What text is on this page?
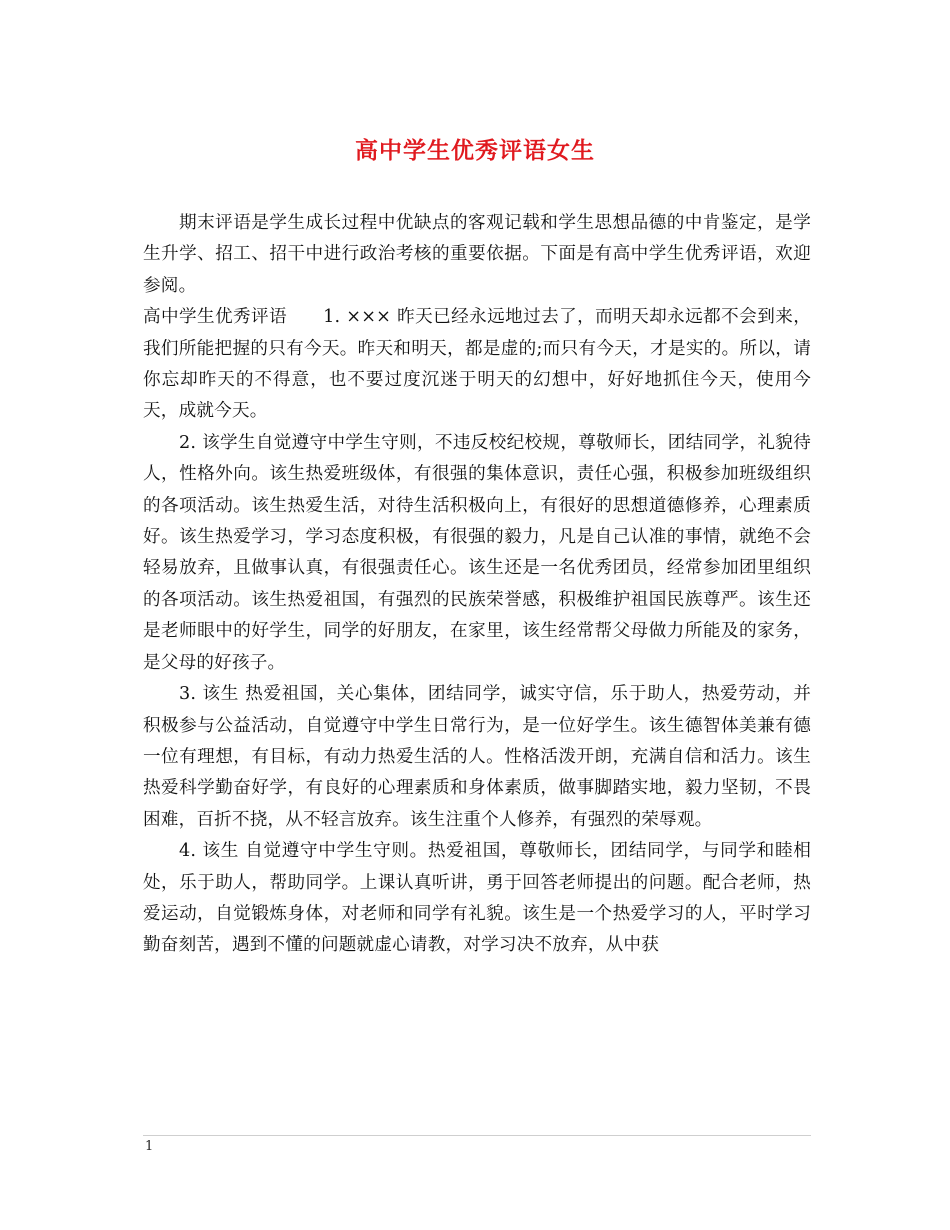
高中学生优秀评语女生

期末评语是学生成长过程中优缺点的客观记载和学生思想品德的中肯鉴定，是学生升学、招工、招干中进行政治考核的重要依据。下面是有高中学生优秀评语，欢迎参阅。

高中学生优秀评语 1. ××× 昨天已经永远地过去了，而明天却永远都不会到来，我们所能把握的只有今天。昨天和明天，都是虚的;而只有今天，才是实的。所以，请你忘却昨天的不得意，也不要过度沉迷于明天的幻想中，好好地抓住今天，使用今天，成就今天。

2. 该学生自觉遵守中学生守则，不违反校纪校规，尊敬师长，团结同学，礼貌待人，性格外向。该生热爱班级体，有很强的集体意识，责任心强，积极参加班级组织的各项活动。该生热爱生活，对待生活积极向上，有很好的思想道德修养，心理素质好。该生热爱学习，学习态度积极，有很强的毅力，凡是自己认准的事情，就绝不会轻易放弃，且做事认真，有很强责任心。该生还是一名优秀团员，经常参加团里组织的各项活动。该生热爱祖国，有强烈的民族荣誉感，积极维护祖国民族尊严。该生还是老师眼中的好学生，同学的好朋友，在家里，该生经常帮父母做力所能及的家务，是父母的好孩子。

3. 该生 热爱祖国，关心集体，团结同学，诚实守信，乐于助人，热爱劳动，并积极参与公益活动，自觉遵守中学生日常行为，是一位好学生。该生德智体美兼有德一位有理想，有目标，有动力热爱生活的人。性格活泼开朗，充满自信和活力。该生热爱科学勤奋好学，有良好的心理素质和身体素质，做事脚踏实地，毅力坚韧，不畏困难，百折不挠，从不轻言放弃。该生注重个人修养，有强烈的荣辱观。

4. 该生 自觉遵守中学生守则。热爱祖国，尊敬师长，团结同学，与同学和睦相处，乐于助人，帮助同学。上课认真听讲，勇于回答老师提出的问题。配合老师，热爱运动，自觉锻炼身体，对老师和同学有礼貌。该生是一个热爱学习的人，平时学习勤奋刻苦，遇到不懂的问题就虚心请教，对学习决不放弃，从中获

1
